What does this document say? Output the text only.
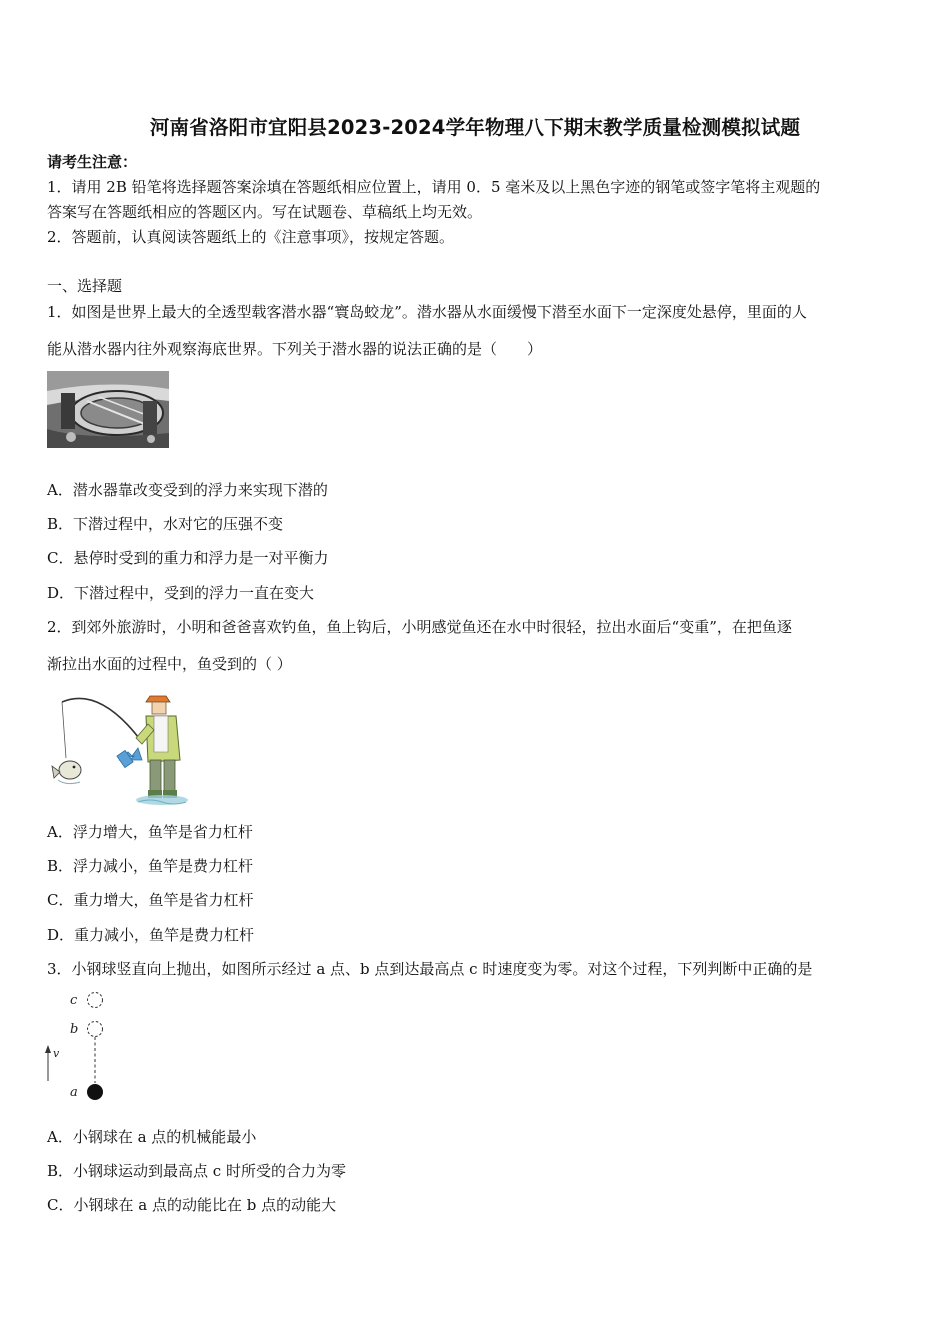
河南省洛阳市宜阳县2023-2024学年物理八下期末教学质量检测模拟试题
请考生注意：
1．请用 2B 铅笔将选择题答案涂填在答题纸相应位置上，请用 0．5 毫米及以上黑色字迹的钢笔或签字笔将主观题的
答案写在答题纸相应的答题区内。写在试题卷、草稿纸上均无效。
2．答题前，认真阅读答题纸上的《注意事项》，按规定答题。
一、选择题
1．如图是世界上最大的全透型载客潜水器“寰岛蛟龙”。潜水器从水面缓慢下潜至水面下一定深度处悬停，里面的人
能从潜水器内往外观察海底世界。下列关于潜水器的说法正确的是（　　）
A．潜水器靠改变受到的浮力来实现下潜的
B．下潜过程中，水对它的压强不变
C．悬停时受到的重力和浮力是一对平衡力
D．下潜过程中，受到的浮力一直在变大
2．到郊外旅游时，小明和爸爸喜欢钓鱼，鱼上钩后，小明感觉鱼还在水中时很轻，拉出水面后“变重”，在把鱼逐
渐拉出水面的过程中，鱼受到的（ ）
A．浮力增大，鱼竿是省力杠杆
B．浮力减小，鱼竿是费力杠杆
C．重力增大，鱼竿是省力杠杆
D．重力减小，鱼竿是费力杠杆
3．小钢球竖直向上抛出，如图所示经过 a 点、b 点到达最高点 c 时速度变为零。对这个过程，下列判断中正确的是
c
b
v
a
A．小钢球在 a 点的机械能最小
B．小钢球运动到最高点 c 时所受的合力为零
C．小钢球在 a 点的动能比在 b 点的动能大
